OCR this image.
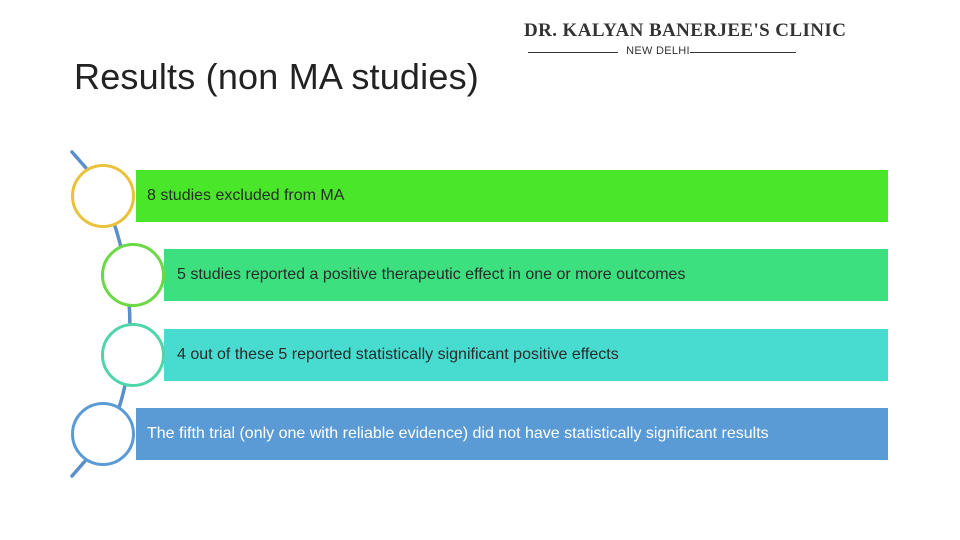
Results (non MA studies)
DR. KALYAN BANERJEE'S CLINIC
NEW DELHI
8 studies excluded from MA
5 studies reported a positive therapeutic effect in one or more outcomes
4 out of these 5 reported statistically significant positive effects
The fifth trial (only one with reliable evidence) did not have statistically significant results
